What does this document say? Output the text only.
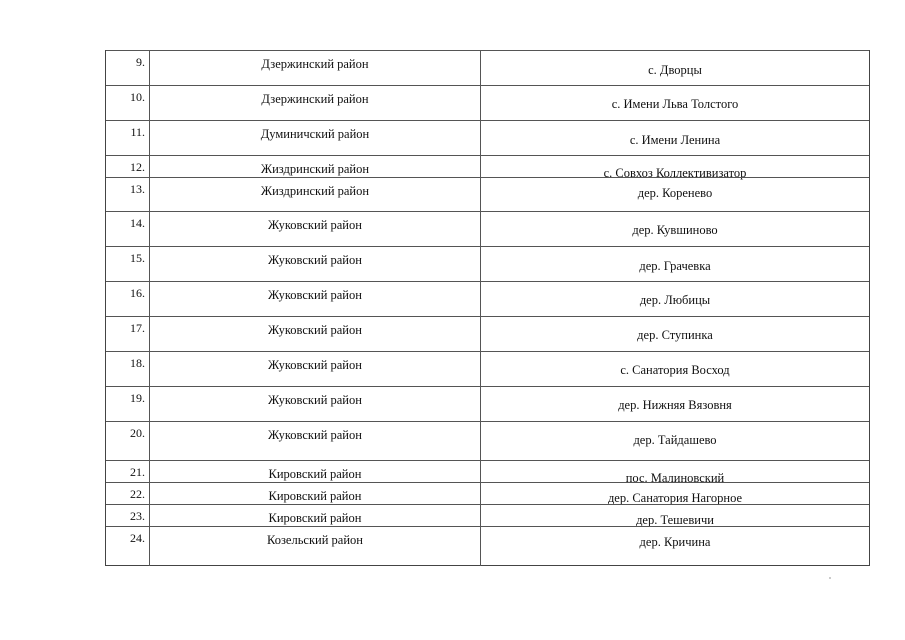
9.	Дзержинский район	с. Дворцы
10.	Дзержинский район	с. Имени Льва Толстого
11.	Думиничский район	с. Имени Ленина
12.	Жиздринский район	с. Совхоз Коллективизатор
13.	Жиздринский район	дер. Коренево
14.	Жуковский район	дер. Кувшиново
15.	Жуковский район	дер. Грачевка
16.	Жуковский район	дер. Любицы
17.	Жуковский район	дер. Ступинка
18.	Жуковский район	с. Санатория Восход
19.	Жуковский район	дер. Нижняя Вязовня
20.	Жуковский район	дер. Тайдашево
21.	Кировский район	пос. Малиновский
22.	Кировский район	дер. Санатория Нагорное
23.	Кировский район	дер. Тешевичи
24.	Козельский район	дер. Кричина
